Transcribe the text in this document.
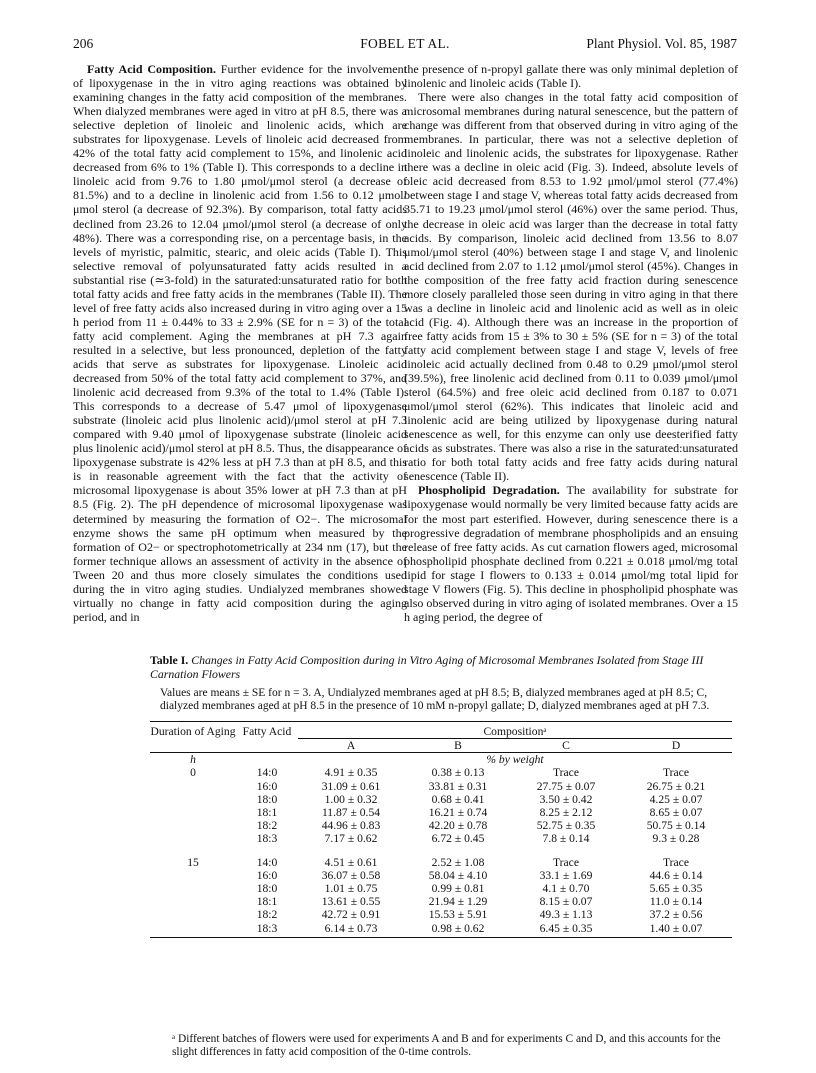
206	FOBEL ET AL.	Plant Physiol. Vol. 85, 1987

Fatty Acid Composition. Further evidence for the involvement of lipoxygenase in the in vitro aging reactions was obtained by examining changes in the fatty acid composition of the membranes. When dialyzed membranes were aged in vitro at pH 8.5, there was a selective depletion of linoleic and linolenic acids, which are substrates for lipoxygenase. Levels of linoleic acid decreased from 42% of the total fatty acid complement to 15%, and linolenic acid decreased from 6% to 1% (Table I). This corresponds to a decline in linoleic acid from 9.76 to 1.80 μmol/μmol sterol (a decrease of 81.5%) and to a decline in linolenic acid from 1.56 to 0.12 μmol/μmol sterol (a decrease of 92.3%). By comparison, total fatty acids declined from 23.26 to 12.04 μmol/μmol sterol (a decrease of only 48%). There was a corresponding rise, on a percentage basis, in the levels of myristic, palmitic, stearic, and oleic acids (Table I). This selective removal of polyunsaturated fatty acids resulted in a substantial rise (≃3-fold) in the saturated:unsaturated ratio for both total fatty acids and free fatty acids in the membranes (Table II). The level of free fatty acids also increased during in vitro aging over a 15 h period from 11 ± 0.44% to 33 ± 2.9% (SE for n = 3) of the total fatty acid complement. Aging the membranes at pH 7.3 again resulted in a selective, but less pronounced, depletion of the fatty acids that serve as substrates for lipoxygenase. Linoleic acid decreased from 50% of the total fatty acid complement to 37%, and linolenic acid decreased from 9.3% of the total to 1.4% (Table I). This corresponds to a decrease of 5.47 μmol of lipoxygenase substrate (linoleic acid plus linolenic acid)/μmol sterol at pH 7.3 compared with 9.40 μmol of lipoxygenase substrate (linoleic acid plus linolenic acid)/μmol sterol at pH 8.5. Thus, the disappearance of lipoxygenase substrate is 42% less at pH 7.3 than at pH 8.5, and this is in reasonable agreement with the fact that the activity of microsomal lipoxygenase is about 35% lower at pH 7.3 than at pH 8.5 (Fig. 2). The pH dependence of microsomal lipoxygenase was determined by measuring the formation of O2−. The microsomal enzyme shows the same pH optimum when measured by the formation of O2− or spectrophotometrically at 234 nm (17), but the former technique allows an assessment of activity in the absence of Tween 20 and thus more closely simulates the conditions used during the in vitro aging studies. Undialyzed membranes showed virtually no change in fatty acid composition during the aging period, and in

the presence of n-propyl gallate there was only minimal depletion of linolenic and linoleic acids (Table I).

There were also changes in the total fatty acid composition of microsomal membranes during natural senescence, but the pattern of change was different from that observed during in vitro aging of the membranes. In particular, there was not a selective depletion of linoleic and linolenic acids, the substrates for lipoxygenase. Rather there was a decline in oleic acid (Fig. 3). Indeed, absolute levels of oleic acid decreased from 8.53 to 1.92 μmol/μmol sterol (77.4%) between stage I and stage V, whereas total fatty acids decreased from 35.71 to 19.23 μmol/μmol sterol (46%) over the same period. Thus, the decrease in oleic acid was larger than the decrease in total fatty acids. By comparison, linoleic acid declined from 13.56 to 8.07 μmol/μmol sterol (40%) between stage I and stage V, and linolenic acid declined from 2.07 to 1.12 μmol/μmol sterol (45%). Changes in the composition of the free fatty acid fraction during senescence more closely paralleled those seen during in vitro aging in that there was a decline in linoleic acid and linolenic acid as well as in oleic acid (Fig. 4). Although there was an increase in the proportion of free fatty acids from 15 ± 3% to 30 ± 5% (SE for n = 3) of the total fatty acid complement between stage I and stage V, levels of free linoleic acid actually declined from 0.48 to 0.29 μmol/μmol sterol (39.5%), free linolenic acid declined from 0.11 to 0.039 μmol/μmol sterol (64.5%) and free oleic acid declined from 0.187 to 0.071 μmol/μmol sterol (62%). This indicates that linoleic acid and linolenic acid are being utilized by lipoxygenase during natural senescence as well, for this enzyme can only use deesterified fatty acids as substrates. There was also a rise in the saturated:unsaturated ratio for both total fatty acids and free fatty acids during natural senescence (Table II).

Phospholipid Degradation. The availability for substrate for lipoxygenase would normally be very limited because fatty acids are for the most part esterified. However, during senescence there is a progressive degradation of membrane phospholipids and an ensuing release of free fatty acids. As cut carnation flowers aged, microsomal phospholipid phosphate declined from 0.221 ± 0.018 μmol/mg total lipid for stage I flowers to 0.133 ± 0.014 μmol/mg total lipid for stage V flowers (Fig. 5). This decline in phospholipid phosphate was also observed during in vitro aging of isolated membranes. Over a 15 h aging period, the degree of

Table I. Changes in Fatty Acid Composition during in Vitro Aging of Microsomal Membranes Isolated from Stage III Carnation Flowers

Values are means ± SE for n = 3. A, Undialyzed membranes aged at pH 8.5; B, dialyzed membranes aged at pH 8.5; C, dialyzed membranes aged at pH 8.5 in the presence of 10 mM n-propyl gallate; D, dialyzed membranes aged at pH 7.3.
Duration of Aging	Fatty Acid	Compositionᵃ			
		A	B	C	D
h		% by weight			
0	14:0	4.91 ± 0.35	0.38 ± 0.13	Trace	Trace
	16:0	31.09 ± 0.61	33.81 ± 0.31	27.75 ± 0.07	26.75 ± 0.21
	18:0	1.00 ± 0.32	0.68 ± 0.41	3.50 ± 0.42	4.25 ± 0.07
	18:1	11.87 ± 0.54	16.21 ± 0.74	8.25 ± 2.12	8.65 ± 0.07
	18:2	44.96 ± 0.83	42.20 ± 0.78	52.75 ± 0.35	50.75 ± 0.14
	18:3	7.17 ± 0.62	6.72 ± 0.45	7.8 ± 0.14	9.3 ± 0.28
15	14:0	4.51 ± 0.61	2.52 ± 1.08	Trace	Trace
	16:0	36.07 ± 0.58	58.04 ± 4.10	33.1 ± 1.69	44.6 ± 0.14
	18:0	1.01 ± 0.75	0.99 ± 0.81	4.1 ± 0.70	5.65 ± 0.35
	18:1	13.61 ± 0.55	21.94 ± 1.29	8.15 ± 0.07	11.0 ± 0.14
	18:2	42.72 ± 0.91	15.53 ± 5.91	49.3 ± 1.13	37.2 ± 0.56
	18:3	6.14 ± 0.73	0.98 ± 0.62	6.45 ± 0.35	1.40 ± 0.07
ᵃ Different batches of flowers were used for experiments A and B and for experiments C and D, and this accounts for the slight differences in fatty acid composition of the 0-time controls.
